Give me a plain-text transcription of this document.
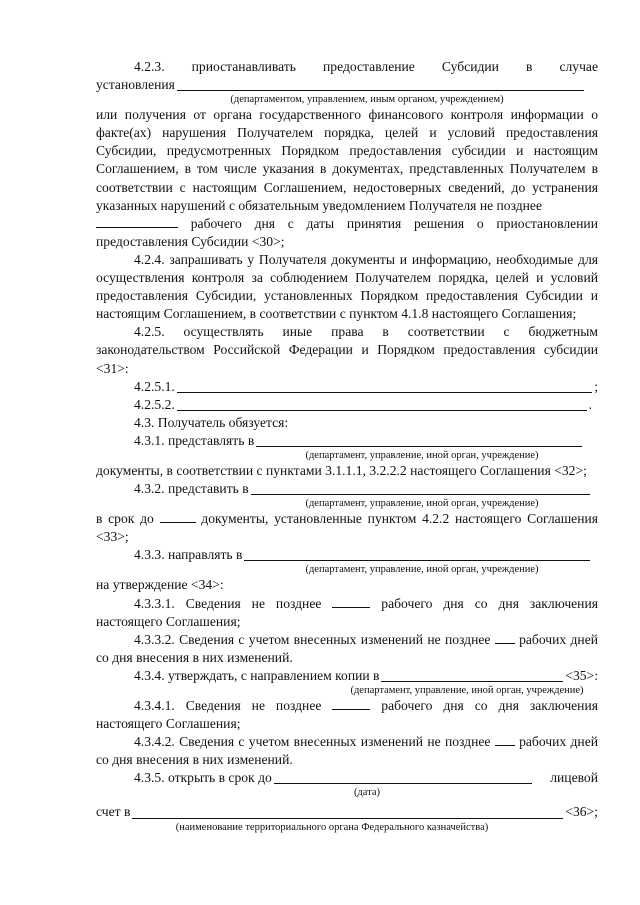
4.2.3. приостанавливать предоставление Субсидии в случае

установления

(департаментом, управлением, иным органом, учреждением)

или получения от органа государственного финансового контроля информации о факте(ах) нарушения Получателем порядка, целей и условий предоставления Субсидии, предусмотренных Порядком предоставления субсидии и настоящим Соглашением, в том числе указания в документах, представленных Получателем в соответствии с настоящим Соглашением, недостоверных сведений, до устранения указанных нарушений с обязательным уведомлением Получателя не позднее

рабочего дня с даты принятия решения о приостановлении предоставления Субсидии <30>;

4.2.4. запрашивать у Получателя документы и информацию, необходимые для осуществления контроля за соблюдением Получателем порядка, целей и условий предоставления Субсидии, установленных Порядком предоставления Субсидии и настоящим Соглашением, в соответствии с пунктом 4.1.8 настоящего Соглашения;

4.2.5. осуществлять иные права в соответствии с бюджетным законодательством Российской Федерации и Порядком предоставления субсидии <31>:

4.2.5.1.	;
4.2.5.2.	.

4.3. Получатель обязуется:

4.3.1. представлять в

(департамент, управление, иной орган, учреждение)

документы, в соответствии с пунктами 3.1.1.1, 3.2.2.2 настоящего Соглашения <32>;

4.3.2. представить в

(департамент, управление, иной орган, учреждение)

в срок до	документы, установленные пунктом 4.2.2 настоящего Соглашения <33>;

4.3.3. направлять в

(департамент, управление, иной орган, учреждение)

на утверждение <34>:

4.3.3.1. Сведения не позднее	рабочего дня со дня заключения настоящего Соглашения;

4.3.3.2. Сведения с учетом внесенных изменений не позднее рабочих дней со дня внесения в них изменений.

4.3.4. утверждать, с направлением копии в	<35>:

(департамент, управление, иной орган, учреждение)

4.3.4.1. Сведения не позднее	рабочего дня со дня заключения настоящего Соглашения;

4.3.4.2. Сведения с учетом внесенных изменений не позднее рабочих дней со дня внесения в них изменений.

4.3.5. открыть в срок до	лицевой

(дата)

счет в	<36>;

(наименование территориального органа Федерального казначейства)
